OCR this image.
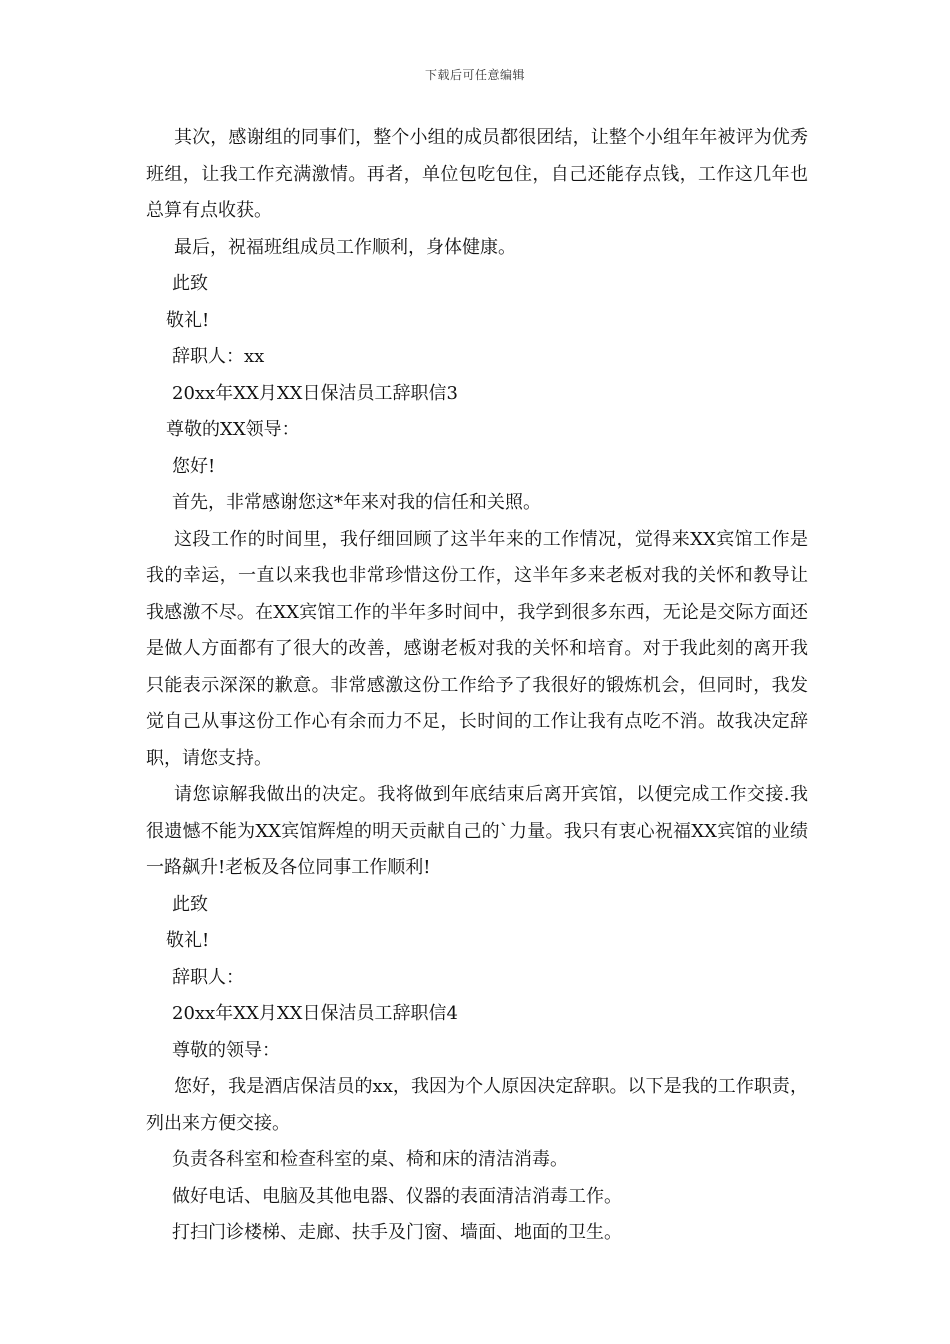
下载后可任意编辑
其次，感谢组的同事们，整个小组的成员都很团结，让整个小组年年被评为优秀班组，让我工作充满激情。再者，单位包吃包住，自己还能存点钱，工作这几年也总算有点收获。
最后，祝福班组成员工作顺利，身体健康。
此致
敬礼!
辞职人：xx
20xx年XX月XX日保洁员工辞职信3
尊敬的XX领导：
您好!
首先，非常感谢您这*年来对我的信任和关照。
这段工作的时间里，我仔细回顾了这半年来的工作情况，觉得来XX宾馆工作是我的幸运，一直以来我也非常珍惜这份工作，这半年多来老板对我的关怀和教导让我感激不尽。在XX宾馆工作的半年多时间中，我学到很多东西，无论是交际方面还是做人方面都有了很大的改善，感谢老板对我的关怀和培育。对于我此刻的离开我只能表示深深的歉意。非常感激这份工作给予了我很好的锻炼机会，但同时，我发觉自己从事这份工作心有余而力不足，长时间的工作让我有点吃不消。故我决定辞职，请您支持。
请您谅解我做出的决定。我将做到年底结束后离开宾馆，以便完成工作交接.我很遗憾不能为XX宾馆辉煌的明天贡献自己的`力量。我只有衷心祝福XX宾馆的业绩一路飙升!老板及各位同事工作顺利!
此致
敬礼!
辞职人：
20xx年XX月XX日保洁员工辞职信4
尊敬的领导：
您好，我是酒店保洁员的xx，我因为个人原因决定辞职。以下是我的工作职责，列出来方便交接。
负责各科室和检查科室的桌、椅和床的清洁消毒。
做好电话、电脑及其他电器、仪器的表面清洁消毒工作。
打扫门诊楼梯、走廊、扶手及门窗、墙面、地面的卫生。
